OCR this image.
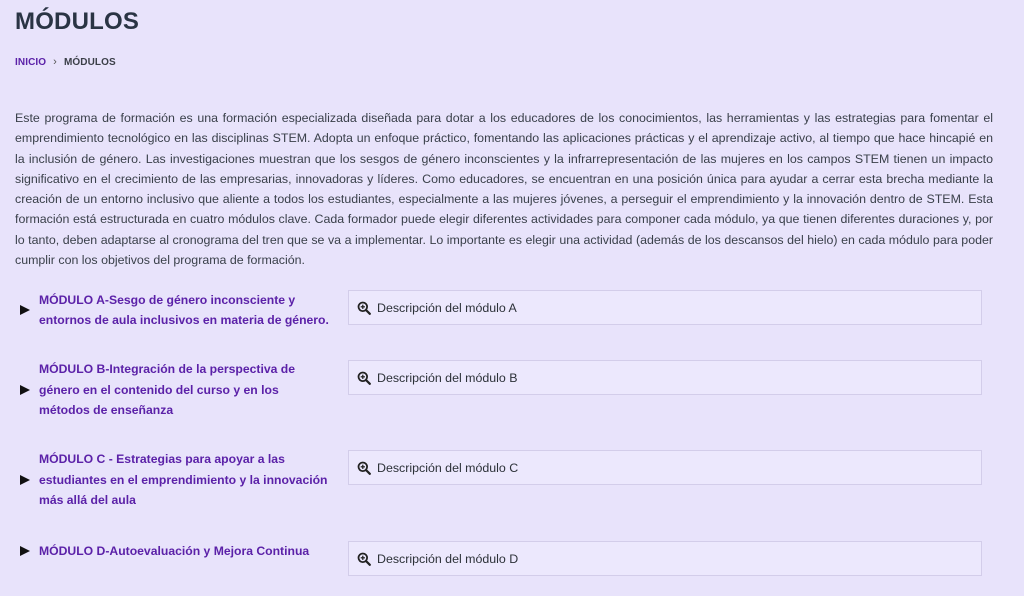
MÓDULOS
INICIO › MÓDULOS

Este programa de formación es una formación especializada diseñada para dotar a los educadores de los conocimientos, las herramientas y las estrategias para fomentar el emprendimiento tecnológico en las disciplinas STEM. Adopta un enfoque práctico, fomentando las aplicaciones prácticas y el aprendizaje activo, al tiempo que hace hincapié en la inclusión de género. Las investigaciones muestran que los sesgos de género inconscientes y la infrarrepresentación de las mujeres en los campos STEM tienen un impacto significativo en el crecimiento de las empresarias, innovadoras y líderes. Como educadores, se encuentran en una posición única para ayudar a cerrar esta brecha mediante la creación de un entorno inclusivo que aliente a todos los estudiantes, especialmente a las mujeres jóvenes, a perseguir el emprendimiento y la innovación dentro de STEM. Esta formación está estructurada en cuatro módulos clave. Cada formador puede elegir diferentes actividades para componer cada módulo, ya que tienen diferentes duraciones y, por lo tanto, deben adaptarse al cronograma del tren que se va a implementar. Lo importante es elegir una actividad (además de los descansos del hielo) en cada módulo para poder cumplir con los objetivos del programa de formación.

MÓDULO A-Sesgo de género inconsciente y entornos de aula inclusivos en materia de género.
Descripción del módulo A
MÓDULO B-Integración de la perspectiva de género en el contenido del curso y en los métodos de enseñanza
Descripción del módulo B
MÓDULO C - Estrategias para apoyar a las estudiantes en el emprendimiento y la innovación más allá del aula
Descripción del módulo C
MÓDULO D-Autoevaluación y Mejora Continua
Descripción del módulo D
